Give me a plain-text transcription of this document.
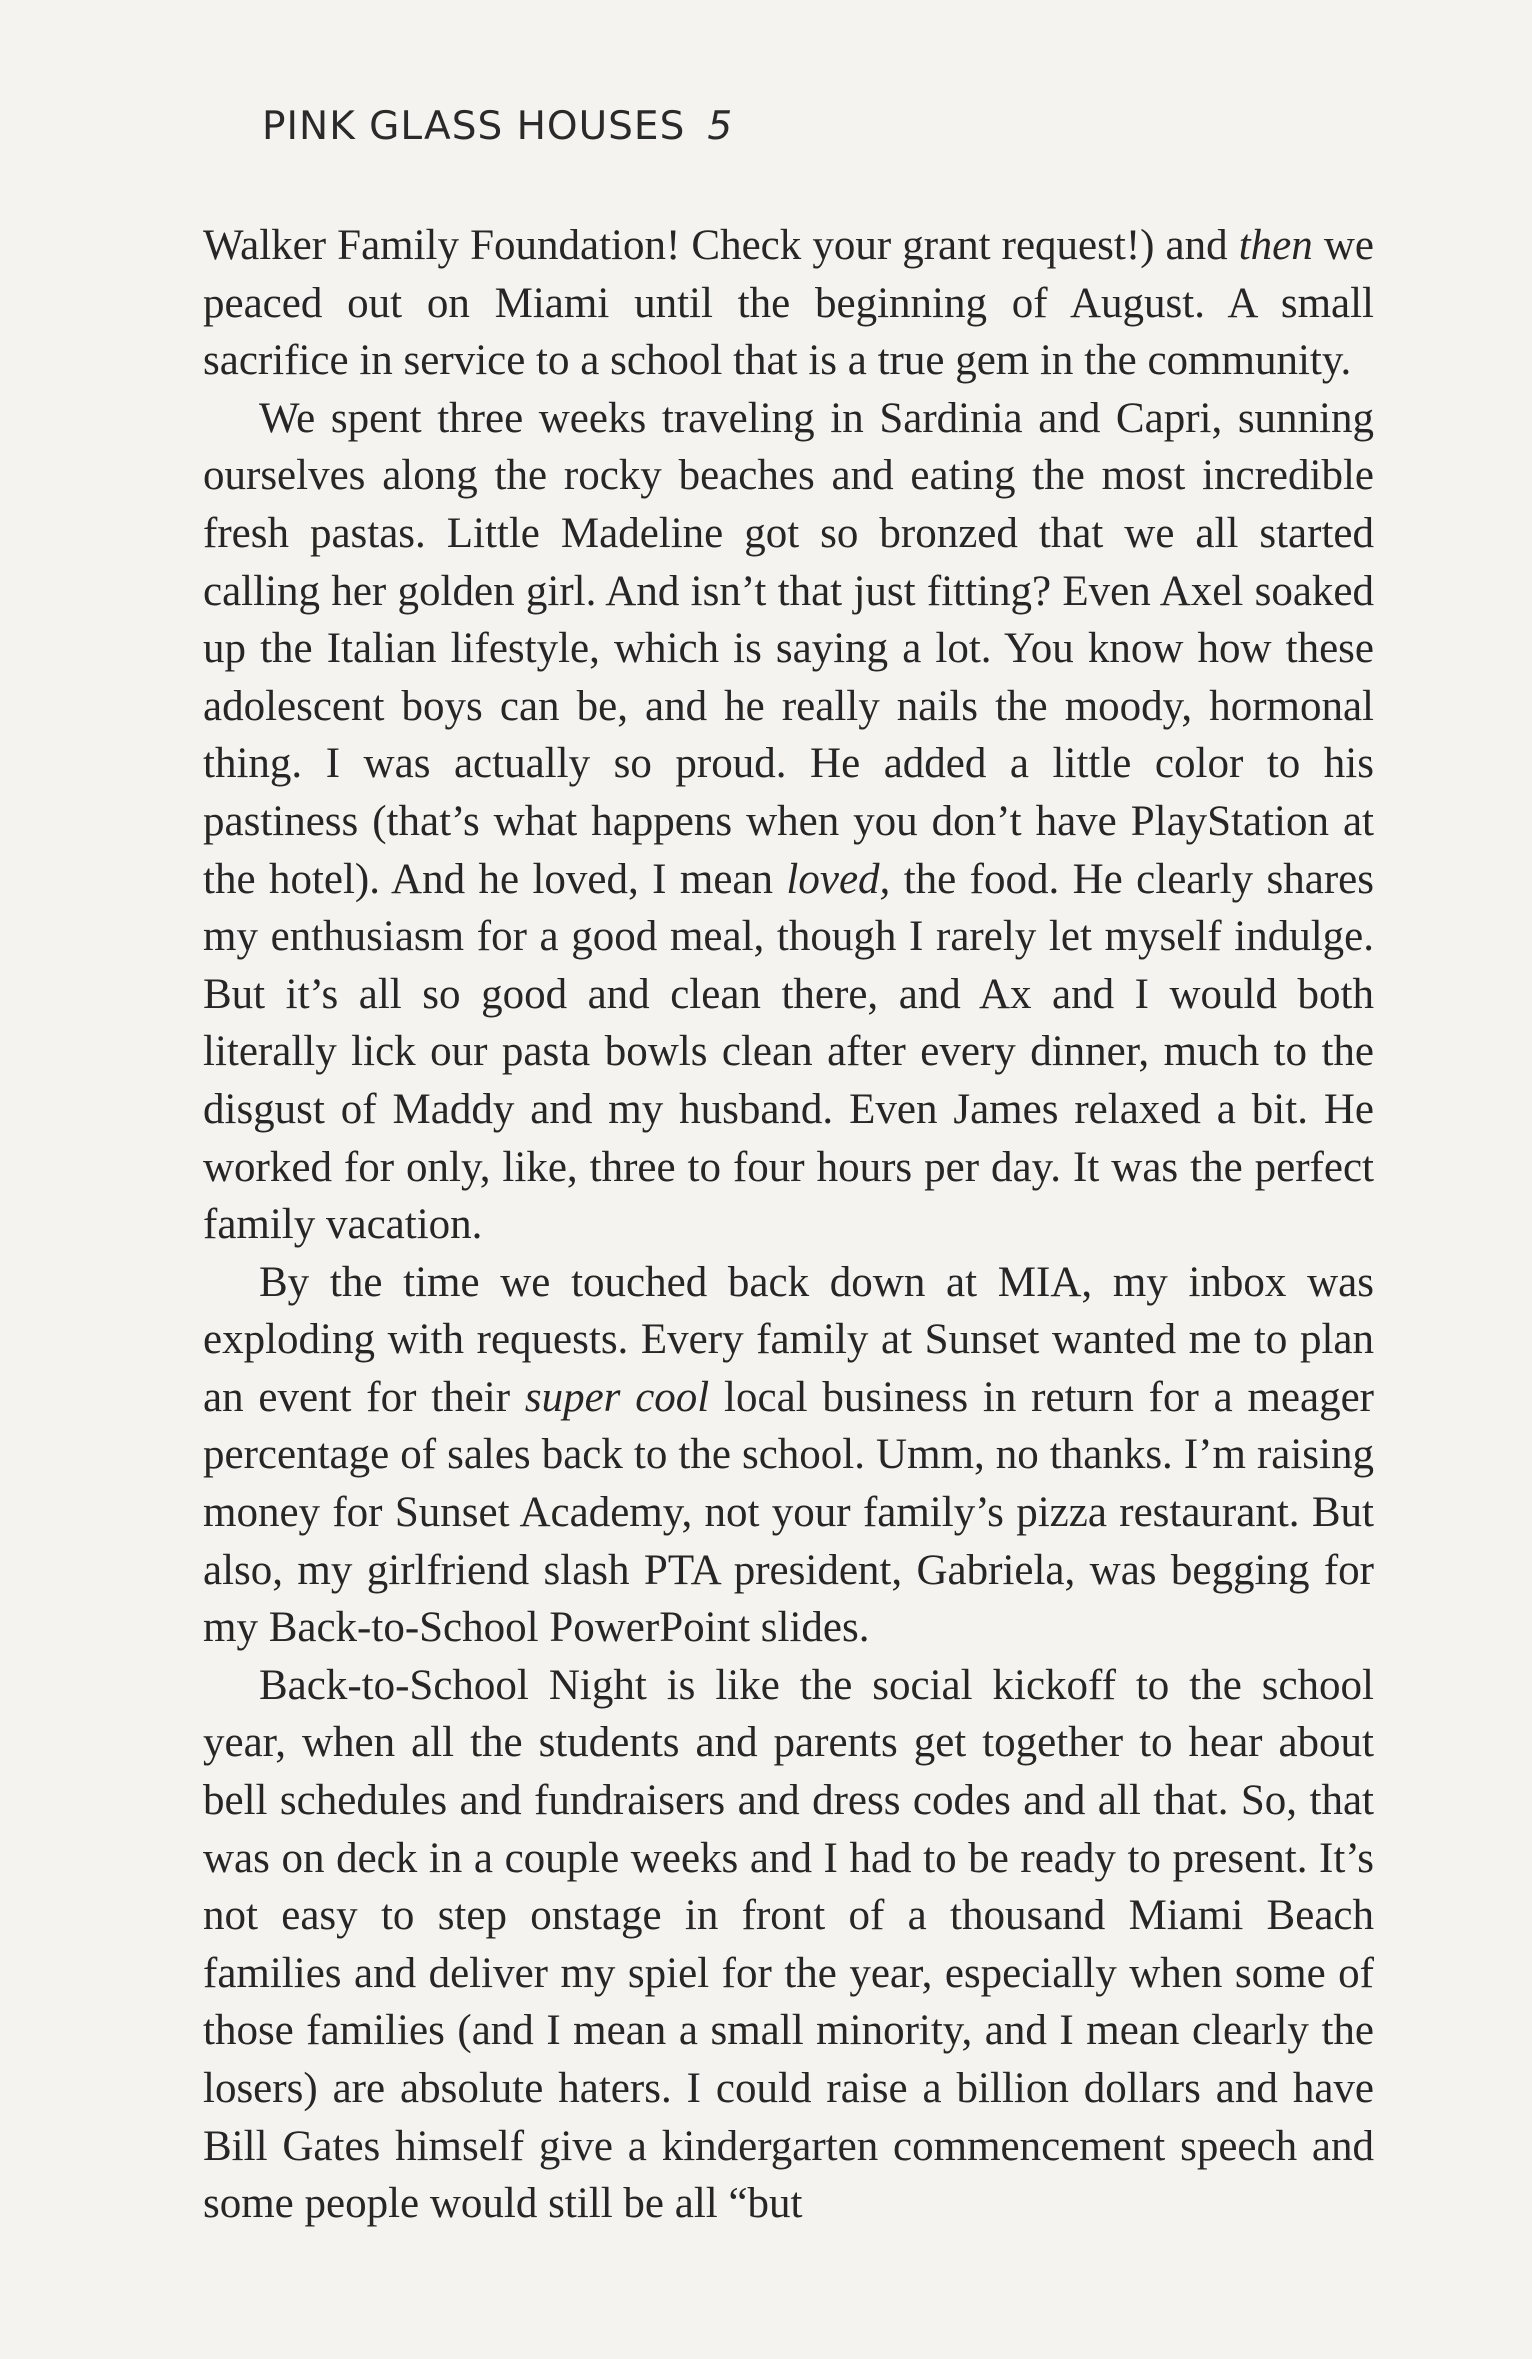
PINK GLASS HOUSES 5

Walker Family Foundation! Check your grant request!) and then we peaced out on Miami until the beginning of August. A small sacrifice in service to a school that is a true gem in the community.

We spent three weeks traveling in Sardinia and Capri, sunning ourselves along the rocky beaches and eating the most incredible fresh pastas. Little Madeline got so bronzed that we all started calling her golden girl. And isn’t that just fitting? Even Axel soaked up the Italian lifestyle, which is saying a lot. You know how these adolescent boys can be, and he really nails the moody, hormonal thing. I was actually so proud. He added a little color to his pastiness (that’s what happens when you don’t have PlayStation at the hotel). And he loved, I mean loved, the food. He clearly shares my enthusiasm for a good meal, though I rarely let myself indulge. But it’s all so good and clean there, and Ax and I would both literally lick our pasta bowls clean after every dinner, much to the disgust of Maddy and my husband. Even James relaxed a bit. He worked for only, like, three to four hours per day. It was the perfect family vacation.

By the time we touched back down at MIA, my inbox was exploding with requests. Every family at Sunset wanted me to plan an event for their super cool local business in return for a meager percentage of sales back to the school. Umm, no thanks. I’m raising money for Sunset Academy, not your family’s pizza restaurant. But also, my girlfriend slash PTA president, Gabriela, was begging for my Back-to-School PowerPoint slides.

Back-to-School Night is like the social kickoff to the school year, when all the students and parents get together to hear about bell schedules and fundraisers and dress codes and all that. So, that was on deck in a couple weeks and I had to be ready to present. It’s not easy to step onstage in front of a thousand Miami Beach families and deliver my spiel for the year, especially when some of those families (and I mean a small minority, and I mean clearly the losers) are absolute haters. I could raise a billion dollars and have Bill Gates himself give a kindergarten commencement speech and some people would still be all “but
